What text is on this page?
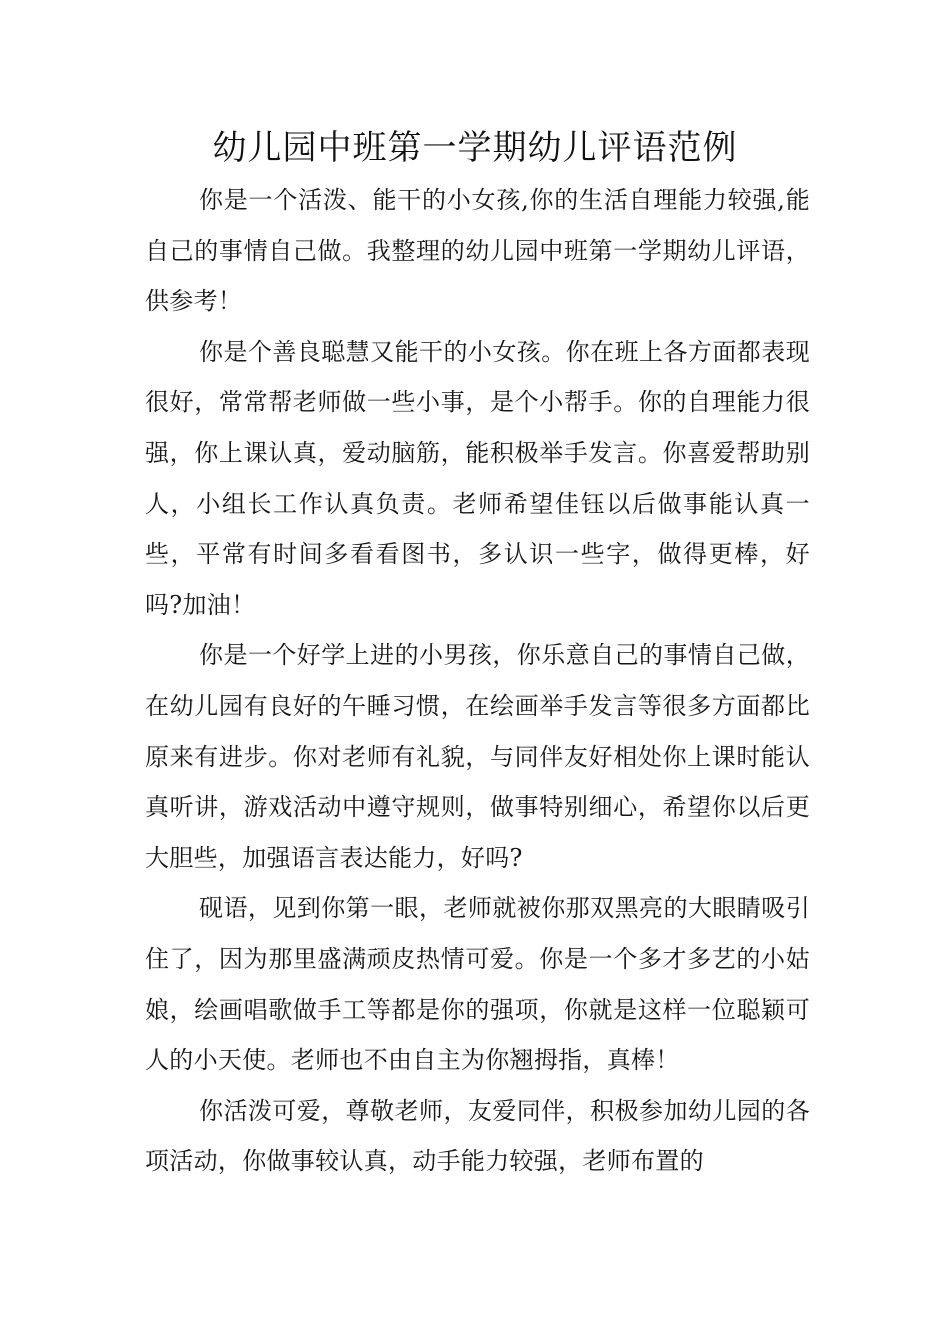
幼儿园中班第一学期幼儿评语范例

你是一个活泼、能干的小女孩,你的生活自理能力较强,能自己的事情自己做。我整理的幼儿园中班第一学期幼儿评语，供参考！

你是个善良聪慧又能干的小女孩。你在班上各方面都表现很好，常常帮老师做一些小事，是个小帮手。你的自理能力很强，你上课认真，爱动脑筋，能积极举手发言。你喜爱帮助别人，小组长工作认真负责。老师希望佳钰以后做事能认真一些，平常有时间多看看图书，多认识一些字，做得更棒，好吗?加油！

你是一个好学上进的小男孩，你乐意自己的事情自己做，在幼儿园有良好的午睡习惯，在绘画举手发言等很多方面都比原来有进步。你对老师有礼貌，与同伴友好相处你上课时能认真听讲，游戏活动中遵守规则，做事特别细心，希望你以后更大胆些，加强语言表达能力，好吗?

砚语，见到你第一眼，老师就被你那双黑亮的大眼睛吸引住了，因为那里盛满顽皮热情可爱。你是一个多才多艺的小姑娘，绘画唱歌做手工等都是你的强项，你就是这样一位聪颖可人的小天使。老师也不由自主为你翘拇指，真棒！

你活泼可爱，尊敬老师，友爱同伴，积极参加幼儿园的各项活动，你做事较认真，动手能力较强，老师布置的
